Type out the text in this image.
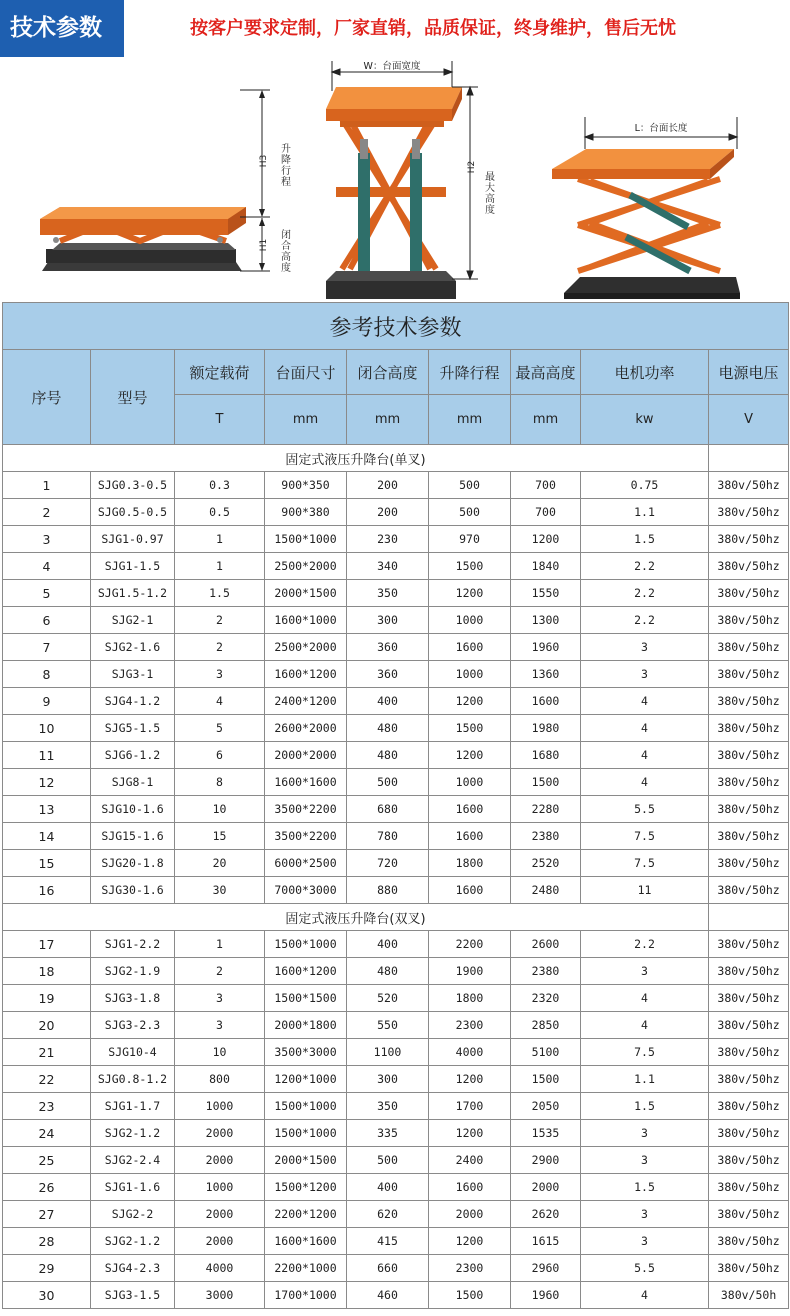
技术参数	按客户要求定制，厂家直销，品质保证，终身维护，售后无忧
H3 升降行程
H1 闭合高度
W：台面宽度
H2
最大高度
L：台面长度
参考技术参数								
序号	型号	额定载荷	台面尺寸	闭合高度	升降行程	最高高度	电机功率	电源电压
		T	mm	mm	mm	mm	kw	V
固定式液压升降台(单叉)								
1	SJG0.3-0.5	0.3	900*350	200	500	700	0.75	380v/50hz
2	SJG0.5-0.5	0.5	900*380	200	500	700	1.1	380v/50hz
3	SJG1-0.97	1	1500*1000	230	970	1200	1.5	380v/50hz
4	SJG1-1.5	1	2500*2000	340	1500	1840	2.2	380v/50hz
5	SJG1.5-1.2	1.5	2000*1500	350	1200	1550	2.2	380v/50hz
6	SJG2-1	2	1600*1000	300	1000	1300	2.2	380v/50hz
7	SJG2-1.6	2	2500*2000	360	1600	1960	3	380v/50hz
8	SJG3-1	3	1600*1200	360	1000	1360	3	380v/50hz
9	SJG4-1.2	4	2400*1200	400	1200	1600	4	380v/50hz
10	SJG5-1.5	5	2600*2000	480	1500	1980	4	380v/50hz
11	SJG6-1.2	6	2000*2000	480	1200	1680	4	380v/50hz
12	SJG8-1	8	1600*1600	500	1000	1500	4	380v/50hz
13	SJG10-1.6	10	3500*2200	680	1600	2280	5.5	380v/50hz
14	SJG15-1.6	15	3500*2200	780	1600	2380	7.5	380v/50hz
15	SJG20-1.8	20	6000*2500	720	1800	2520	7.5	380v/50hz
16	SJG30-1.6	30	7000*3000	880	1600	2480	11	380v/50hz
固定式液压升降台(双叉)								
17	SJG1-2.2	1	1500*1000	400	2200	2600	2.2	380v/50hz
18	SJG2-1.9	2	1600*1200	480	1900	2380	3	380v/50hz
19	SJG3-1.8	3	1500*1500	520	1800	2320	4	380v/50hz
20	SJG3-2.3	3	2000*1800	550	2300	2850	4	380v/50hz
21	SJG10-4	10	3500*3000	1100	4000	5100	7.5	380v/50hz
22	SJG0.8-1.2	800	1200*1000	300	1200	1500	1.1	380v/50hz
23	SJG1-1.7	1000	1500*1000	350	1700	2050	1.5	380v/50hz
24	SJG2-1.2	2000	1500*1000	335	1200	1535	3	380v/50hz
25	SJG2-2.4	2000	2000*1500	500	2400	2900	3	380v/50hz
26	SJG1-1.6	1000	1500*1200	400	1600	2000	1.5	380v/50hz
27	SJG2-2	2000	2200*1200	620	2000	2620	3	380v/50hz
28	SJG2-1.2	2000	1600*1600	415	1200	1615	3	380v/50hz
29	SJG4-2.3	4000	2200*1000	660	2300	2960	5.5	380v/50hz
30	SJG3-1.5	3000	1700*1000	460	1500	1960	4	380v/50h
